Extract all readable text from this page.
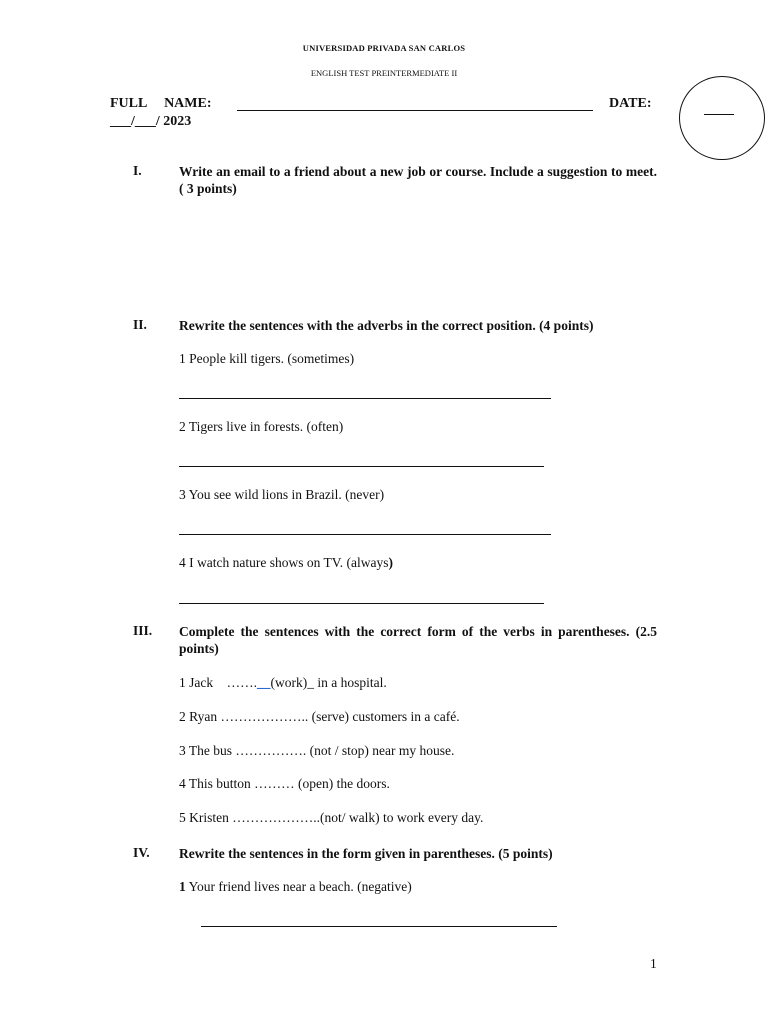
UNIVERSIDAD PRIVADA SAN CARLOS
ENGLISH TEST PREINTERMEDIATE II
FULL     NAME:	DATE:
___/___/ 2023
I.	Write an email to a friend about a new job or course. Include a suggestion to meet.( 3 points)
II. Rewrite the sentences with the adverbs in the correct position. (4 points)
1 People kill tigers. (sometimes)
2 Tigers live in forests. (often)
3 You see wild lions in Brazil. (never)
4 I watch nature shows on TV. (always)
III. Complete the sentences with the correct form of the verbs in parentheses. (2.5 points)
1 Jack    …….__(work)_ in a hospital.
2 Ryan ……………….. (serve) customers in a café.
3 The bus ……………. (not / stop) near my house.
4 This button ……… (open) the doors.
5 Kristen ………………..(not/ walk) to work every day.
IV. Rewrite the sentences in the form given in parentheses. (5 points)
1 Your friend lives near a beach. (negative)
1
